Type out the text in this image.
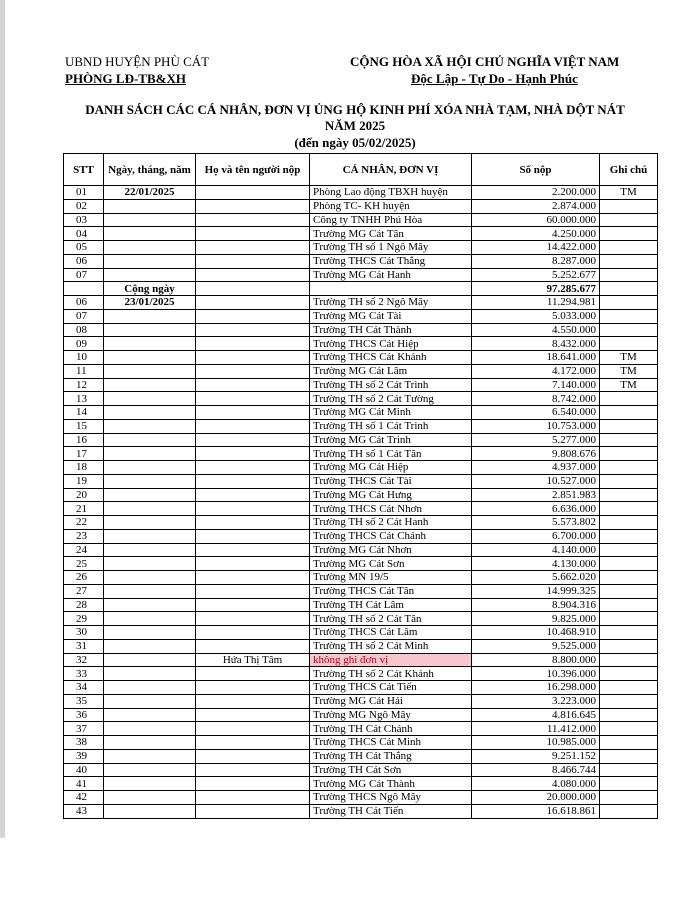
UBND HUYỆN PHÙ CÁT
PHÒNG LĐ-TB&XH
CỘNG HÒA XÃ HỘI CHỦ NGHĨA VIỆT NAM
Độc Lập - Tự Do - Hạnh Phúc
DANH SÁCH CÁC CÁ NHÂN, ĐƠN VỊ ỦNG HỘ KINH PHÍ XÓA NHÀ TẠM, NHÀ DỘT NÁT
NĂM 2025
(đến ngày 05/02/2025)
STT	Ngày, tháng, năm	Họ và tên người nộp	CÁ NHÂN, ĐƠN VỊ	Số nộp	Ghi chú
01	22/01/2025		Phòng Lao động TBXH huyện	2.200.000	TM
02			Phòng TC- KH huyện	2.874.000	
03			Công ty TNHH Phú Hòa	60.000.000	
04			Trường MG Cát Tân	4.250.000	
05			Trường TH số 1 Ngô Mây	14.422.000	
06			Trường THCS Cát Thắng	8.287.000	
07			Trường MG Cát Hanh	5.252.677	
	Cộng ngày			97.285.677	
06	23/01/2025		Trường TH số 2 Ngô Mây	11.294.981	
07			Trường MG Cát Tài	5.033.000	
08			Trường TH Cát Thành	4.550.000	
09			Trường THCS Cát Hiệp	8.432.000	
10			Trường THCS Cát Khánh	18.641.000	TM
11			Trường MG Cát Lâm	4.172.000	TM
12			Trường TH số 2 Cát Trinh	7.140.000	TM
13			Trường TH số 2 Cát Tường	8.742.000	
14			Trường MG Cát Minh	6.540.000	
15			Trường TH số 1 Cát Trinh	10.753.000	
16			Trường MG Cát Trinh	5.277.000	
17			Trường TH số 1 Cát Tân	9.808.676	
18			Trường MG Cát Hiệp	4.937.000	
19			Trường THCS Cát Tài	10.527.000	
20			Trường MG Cát Hưng	2.851.983	
21			Trường THCS Cát Nhơn	6.636.000	
22			Trường TH số 2 Cát Hanh	5.573.802	
23			Trường THCS Cát Chánh	6.700.000	
24			Trường MG Cát Nhơn	4.140.000	
25			Trường MG Cát Sơn	4.130.000	
26			Trường MN 19/5	5.662.020	
27			Trường THCS Cát Tân	14.999.325	
28			Trường TH Cát Lâm	8.904.316	
29			Trường TH số 2 Cát Tân	9.825.000	
30			Trường THCS Cát Lâm	10.468.910	
31			Trường TH số 2 Cát Minh	9.525.000	
32		Hứa Thị Tâm	không ghi đơn vị	8.800.000	
33			Trường TH số 2 Cát Khánh	10.396.000	
34			Trường THCS Cát Tiến	16.298.000	
35			Trường MG Cát Hải	3.223.000	
36			Trường MG Ngô Mây	4.816.645	
37			Trường TH Cát Chánh	11.412.000	
38			Trường THCS Cát Minh	10.985.000	
39			Trường TH Cát Thắng	9.251.152	
40			Trường TH Cát Sơn	8.466.744	
41			Trường MG Cát Thành	4.080.000	
42			Trường THCS Ngô Mây	20.000.000	
43			Trường TH Cát Tiến	16.618.861	
